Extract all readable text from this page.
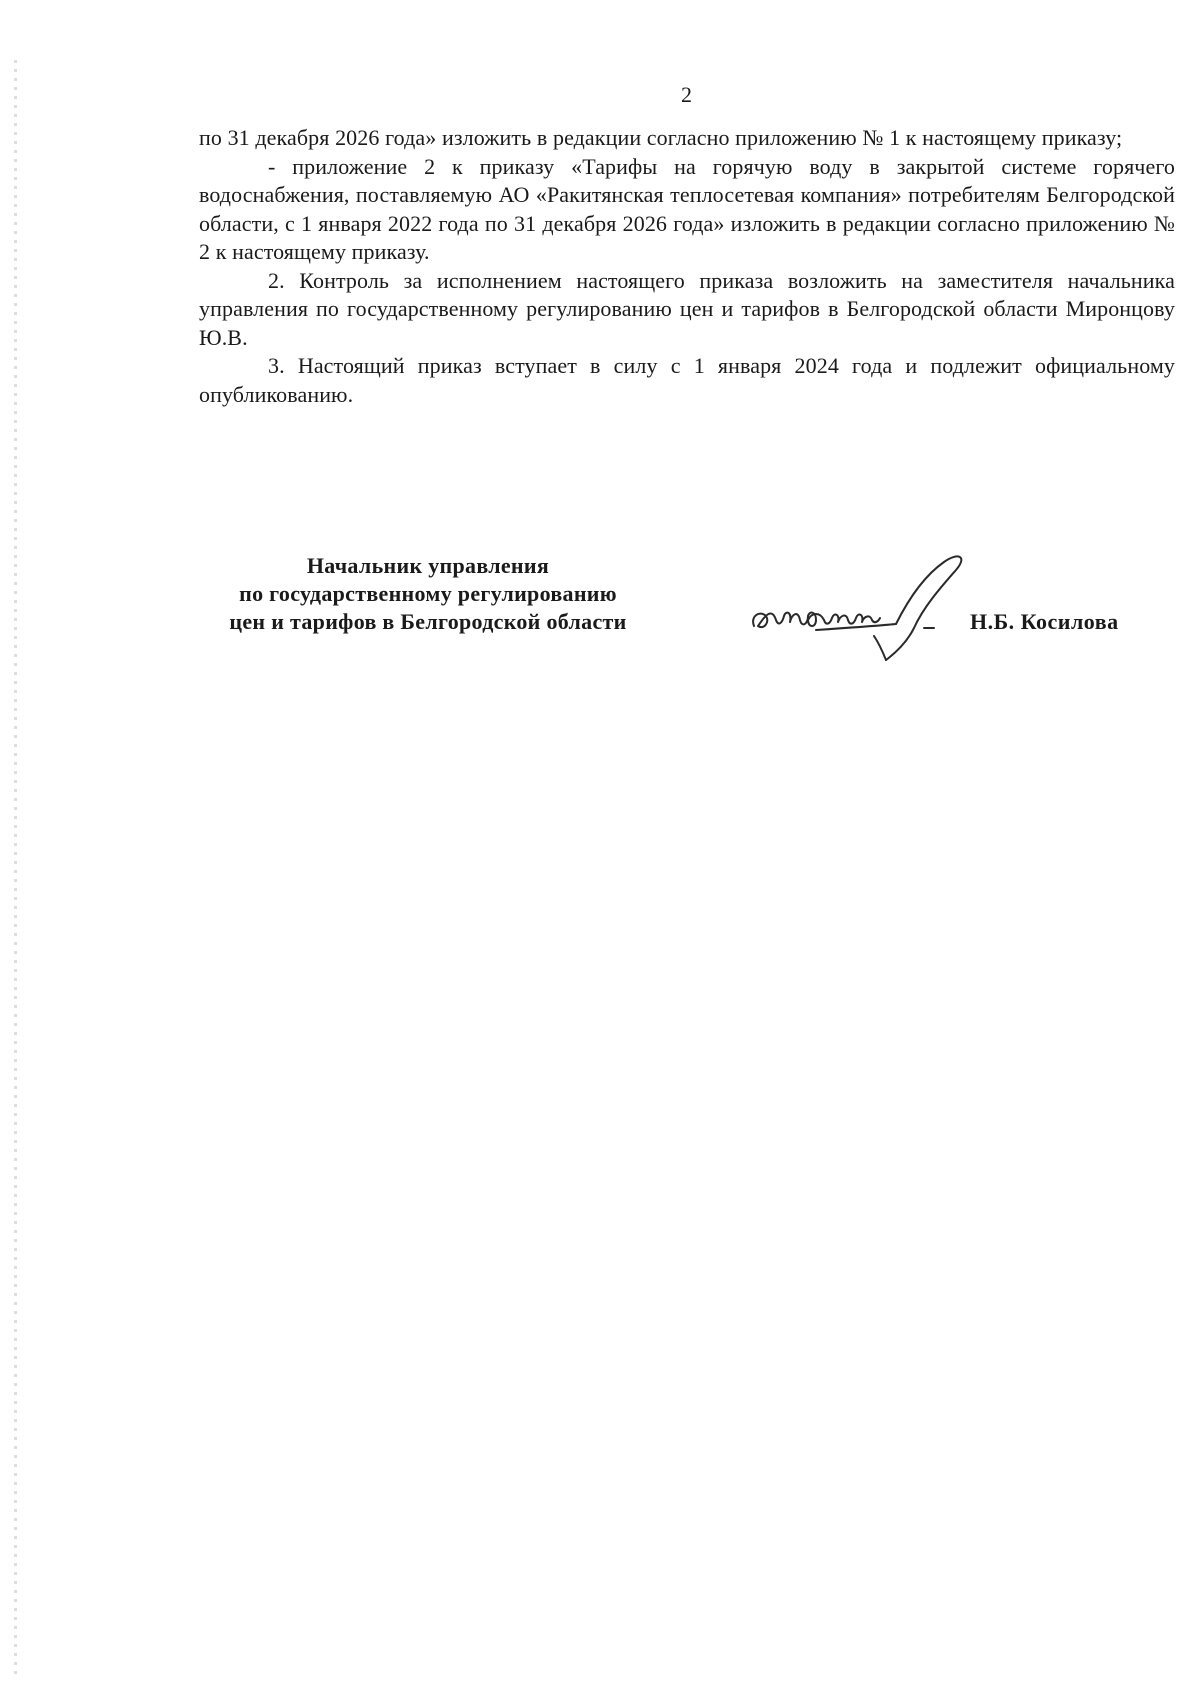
2

по 31 декабря 2026 года» изложить в редакции согласно приложению № 1 к настоящему приказу;

- приложение 2 к приказу «Тарифы на горячую воду в закрытой системе горячего водоснабжения, поставляемую АО «Ракитянская теплосетевая компания» потребителям Белгородской области, с 1 января 2022 года по 31 декабря 2026 года» изложить в редакции согласно приложению № 2 к настоящему приказу.

2. Контроль за исполнением настоящего приказа возложить на заместителя начальника управления по государственному регулированию цен и тарифов в Белгородской области Миронцову Ю.В.

3. Настоящий приказ вступает в силу с 1 января 2024 года и подлежит официальному опубликованию.

Начальник управления
по государственному регулированию
цен и тарифов в Белгородской области	Н.Б. Косилова
